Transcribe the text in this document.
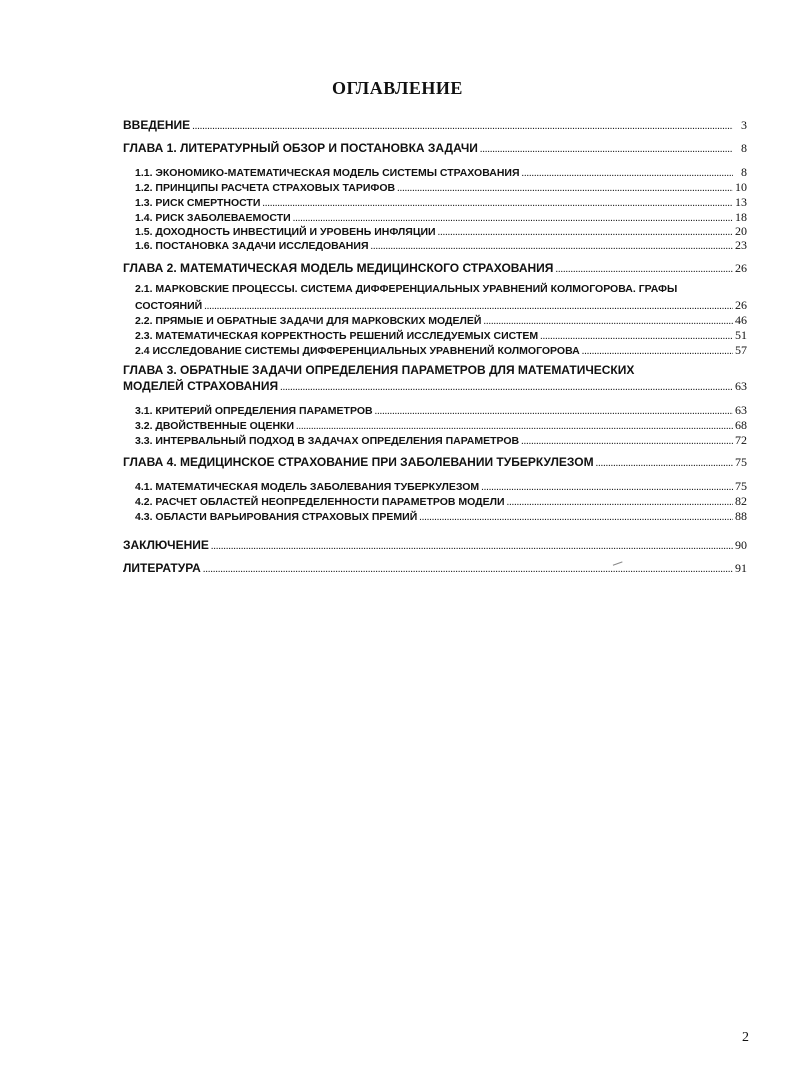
ОГЛАВЛЕНИЕ
ВВЕДЕНИЕ .....	3
ГЛАВА 1. ЛИТЕРАТУРНЫЙ ОБЗОР И ПОСТАНОВКА ЗАДАЧИ .....	8
1.1. ЭКОНОМИКО-МАТЕМАТИЧЕСКАЯ МОДЕЛЬ СИСТЕМЫ СТРАХОВАНИЯ .....	8
1.2. ПРИНЦИПЫ РАСЧЕТА СТРАХОВЫХ ТАРИФОВ .....	10
1.3. РИСК СМЕРТНОСТИ .....	13
1.4. РИСК ЗАБОЛЕВАЕМОСТИ .....	18
1.5. ДОХОДНОСТЬ ИНВЕСТИЦИЙ И УРОВЕНЬ ИНФЛЯЦИИ .....	20
1.6. ПОСТАНОВКА ЗАДАЧИ ИССЛЕДОВАНИЯ .....	23
ГЛАВА 2. МАТЕМАТИЧЕСКАЯ МОДЕЛЬ МЕДИЦИНСКОГО СТРАХОВАНИЯ .....	26
2.1. МАРКОВСКИЕ ПРОЦЕССЫ. СИСТЕМА ДИФФЕРЕНЦИАЛЬНЫХ УРАВНЕНИЙ КОЛМОГОРОВА. ГРАФЫ
СОСТОЯНИЙ .....	26
2.2. ПРЯМЫЕ И ОБРАТНЫЕ ЗАДАЧИ ДЛЯ МАРКОВСКИХ МОДЕЛЕЙ .....	46
2.3. МАТЕМАТИЧЕСКАЯ КОРРЕКТНОСТЬ РЕШЕНИЙ ИССЛЕДУЕМЫХ СИСТЕМ .....	51
2.4 ИССЛЕДОВАНИЕ СИСТЕМЫ ДИФФЕРЕНЦИАЛЬНЫХ УРАВНЕНИЙ КОЛМОГОРОВА .....	57
ГЛАВА 3. ОБРАТНЫЕ ЗАДАЧИ ОПРЕДЕЛЕНИЯ ПАРАМЕТРОВ ДЛЯ МАТЕМАТИЧЕСКИХ
МОДЕЛЕЙ СТРАХОВАНИЯ .....	63
3.1. КРИТЕРИЙ ОПРЕДЕЛЕНИЯ ПАРАМЕТРОВ .....	63
3.2. ДВОЙСТВЕННЫЕ ОЦЕНКИ .....	68
3.3. ИНТЕРВАЛЬНЫЙ ПОДХОД В ЗАДАЧАХ ОПРЕДЕЛЕНИЯ ПАРАМЕТРОВ .....	72
ГЛАВА 4. МЕДИЦИНСКОЕ СТРАХОВАНИЕ ПРИ ЗАБОЛЕВАНИИ ТУБЕРКУЛЕЗОМ .....	75
4.1. МАТЕМАТИЧЕСКАЯ МОДЕЛЬ ЗАБОЛЕВАНИЯ ТУБЕРКУЛЕЗОМ .....	75
4.2. РАСЧЕТ ОБЛАСТЕЙ НЕОПРЕДЕЛЕННОСТИ ПАРАМЕТРОВ МОДЕЛИ .....	82
4.3. ОБЛАСТИ ВАРЬИРОВАНИЯ СТРАХОВЫХ ПРЕМИЙ .....	88
ЗАКЛЮЧЕНИЕ .....	90
ЛИТЕРАТУРА .....	91
2
